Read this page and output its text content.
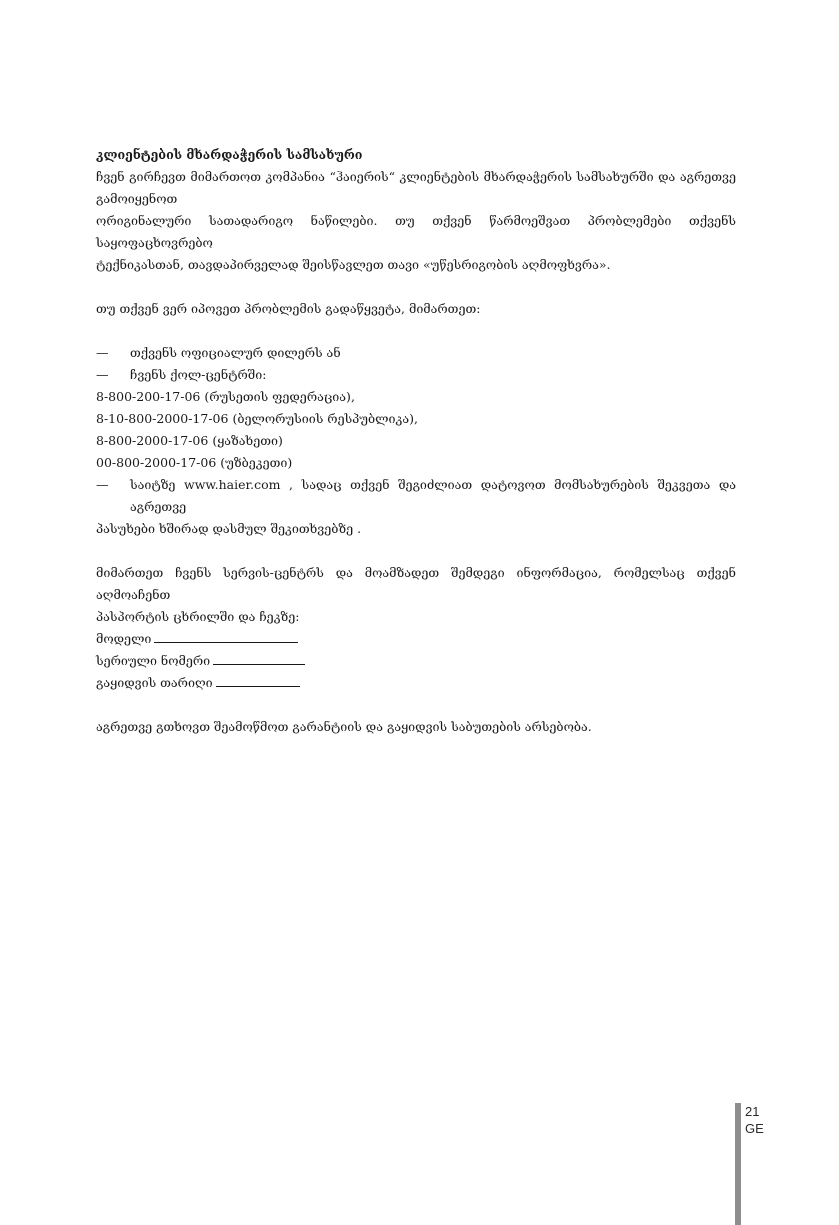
კლიენტების მხარდაჭერის სამსახური

ჩვენ გირჩევთ მიმართოთ კომპანია “ჰაიერის“ კლიენტების მხარდაჭერის სამსახურში და აგრეთვე გამოიყენოთ

ორიგინალური სათადარიგო ნაწილები. თუ თქვენ წარმოეშვათ პრობლემები თქვენს საყოფაცხოვრებო

ტექნიკასთან, თავდაპირველად შეისწავლეთ თავი «უწესრიგობის აღმოფხვრა».

თუ თქვენ ვერ იპოვეთ პრობლემის გადაწყვეტა, მიმართეთ:

—	თქვენს ოფიციალურ დილერს ან
—	ჩვენს ქოლ-ცენტრში:

8-800-200-17-06 (რუსეთის ფედერაცია),

8-10-800-2000-17-06 (ბელორუსიის რესპუბლიკა),

8-800-2000-17-06 (ყაზახეთი)

00-800-2000-17-06 (უზბეკეთი)

—	საიტზე www.haier.com , სადაც თქვენ შეგიძლიათ დატოვოთ მომსახურების შეკვეთა და აგრეთვე

პასუხები ხშირად დასმულ შეკითხვებზე .

მიმართეთ ჩვენს სერვის-ცენტრს და მოამზადეთ შემდეგი ინფორმაცია, რომელსაც თქვენ აღმოაჩენთ

პასპორტის ცხრილში და ჩეკზე:

მოდელი

სერიული ნომერი

გაყიდვის თარიღი

აგრეთვე გთხოვთ შეამოწმოთ გარანტიის და გაყიდვის საბუთების არსებობა.

21
GE
